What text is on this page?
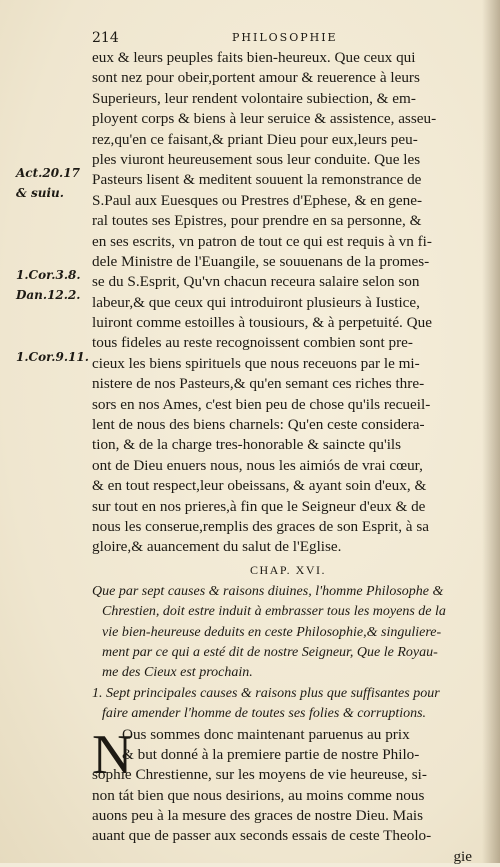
214	PHILOSOPHIE
Act.20.17
& suiu.
1.Cor.3.8.
Dan.12.2.
1.Cor.9.11.
eux & leurs peuples faits bien-heureux. Que ceux qui
sont nez pour obeir,portent amour & reuerence à leurs
Superieurs, leur rendent volontaire subiection, & em-
ployent corps & biens à leur seruice & assistence, asseu-
rez,qu'en ce faisant,& priant Dieu pour eux,leurs peu-
ples viuront heureusement sous leur conduite. Que les
Pasteurs lisent & meditent souuent la remonstrance de
S.Paul aux Euesques ou Prestres d'Ephese, & en gene-
ral toutes ses Epistres, pour prendre en sa personne, &
en ses escrits, vn patron de tout ce qui est requis à vn fi-
dele Ministre de l'Euangile, se souuenans de la promes-
se du S.Esprit, Qu'vn chacun receura salaire selon son
labeur,& que ceux qui introduiront plusieurs à Iustice,
luiront comme estoilles à tousiours, & à perpetuité. Que
tous fideles au reste recognoissent combien sont pre-
cieux les biens spirituels que nous receuons par le mi-
nistere de nos Pasteurs,& qu'en semant ces riches thre-
sors en nos Ames, c'est bien peu de chose qu'ils recueil-
lent de nous des biens charnels: Qu'en ceste considera-
tion, & de la charge tres-honorable & saincte qu'ils
ont de Dieu enuers nous, nous les aimiós de vrai cœur,
& en tout respect,leur obeissans, & ayant soin d'eux, &
sur tout en nos prieres,à fin que le Seigneur d'eux & de
nous les conserue,remplis des graces de son Esprit, à sa
gloire,& auancement du salut de l'Eglise.
CHAP. XVI.
Que par sept causes & raisons diuines, l'homme Philosophe &
Chrestien, doit estre induit à embrasser tous les moyens de la
vie bien-heureuse deduits en ceste Philosophie,& singuliere-
ment par ce qui a esté dit de nostre Seigneur, Que le Royau-
me des Cieux est prochain.
1. Sept principales causes & raisons plus que suffisantes pour
faire amender l'homme de toutes ses folies & corruptions.
N
Ous sommes donc maintenant paruenus au prix
& but donné à la premiere partie de nostre Philo-
sophie Chrestienne, sur les moyens de vie heureuse, si-
non tát bien que nous desirions, au moins comme nous
auons peu à la mesure des graces de nostre Dieu. Mais
auant que de passer aux seconds essais de ceste Theolo-
gie
